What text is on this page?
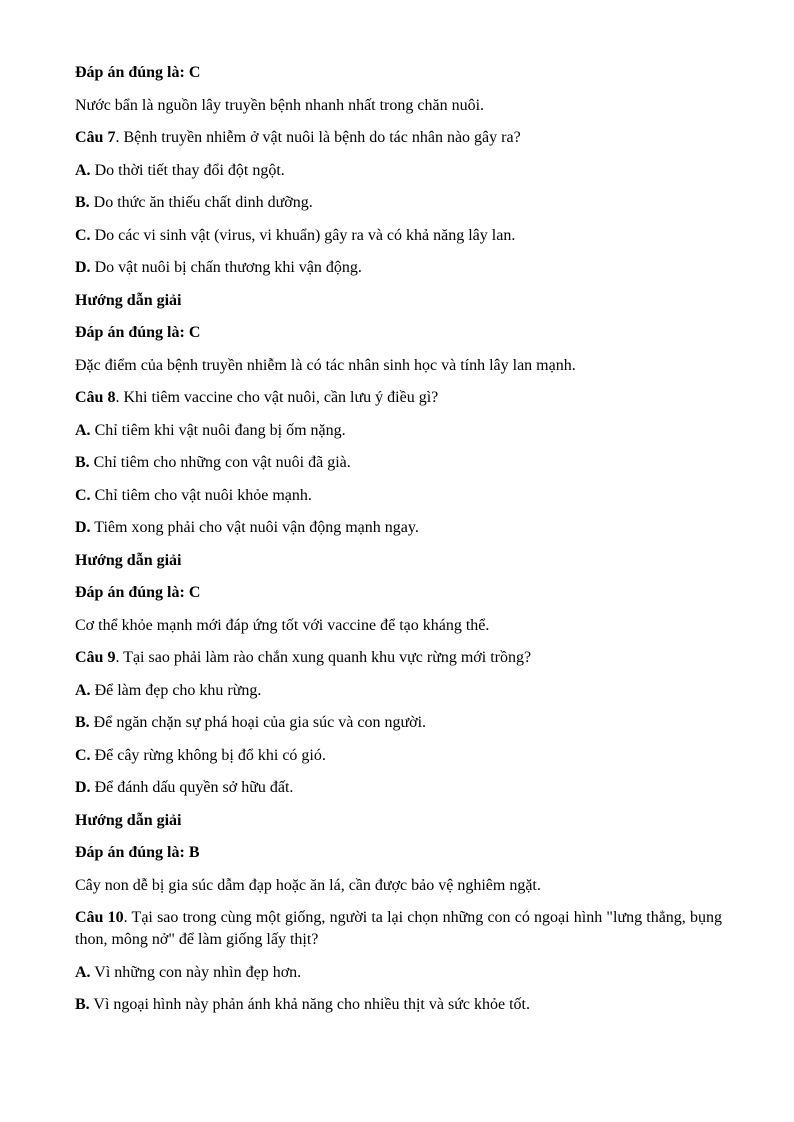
Đáp án đúng là: C

Nước bẩn là nguồn lây truyền bệnh nhanh nhất trong chăn nuôi.

Câu 7. Bệnh truyền nhiễm ở vật nuôi là bệnh do tác nhân nào gây ra?

A. Do thời tiết thay đổi đột ngột.

B. Do thức ăn thiếu chất dinh dưỡng.

C. Do các vi sinh vật (virus, vi khuẩn) gây ra và có khả năng lây lan.

D. Do vật nuôi bị chấn thương khi vận động.

Hướng dẫn giải

Đáp án đúng là: C

Đặc điểm của bệnh truyền nhiễm là có tác nhân sinh học và tính lây lan mạnh.

Câu 8. Khi tiêm vaccine cho vật nuôi, cần lưu ý điều gì?

A. Chỉ tiêm khi vật nuôi đang bị ốm nặng.

B. Chỉ tiêm cho những con vật nuôi đã già.

C. Chỉ tiêm cho vật nuôi khỏe mạnh.

D. Tiêm xong phải cho vật nuôi vận động mạnh ngay.

Hướng dẫn giải

Đáp án đúng là: C

Cơ thể khỏe mạnh mới đáp ứng tốt với vaccine để tạo kháng thể.

Câu 9. Tại sao phải làm rào chắn xung quanh khu vực rừng mới trồng?

A. Để làm đẹp cho khu rừng.

B. Để ngăn chặn sự phá hoại của gia súc và con người.

C. Để cây rừng không bị đổ khi có gió.

D. Để đánh dấu quyền sở hữu đất.

Hướng dẫn giải

Đáp án đúng là: B

Cây non dễ bị gia súc dẫm đạp hoặc ăn lá, cần được bảo vệ nghiêm ngặt.

Câu 10. Tại sao trong cùng một giống, người ta lại chọn những con có ngoại hình "lưng thẳng, bụng thon, mông nở" để làm giống lấy thịt?

A. Vì những con này nhìn đẹp hơn.

B. Vì ngoại hình này phản ánh khả năng cho nhiều thịt và sức khỏe tốt.
